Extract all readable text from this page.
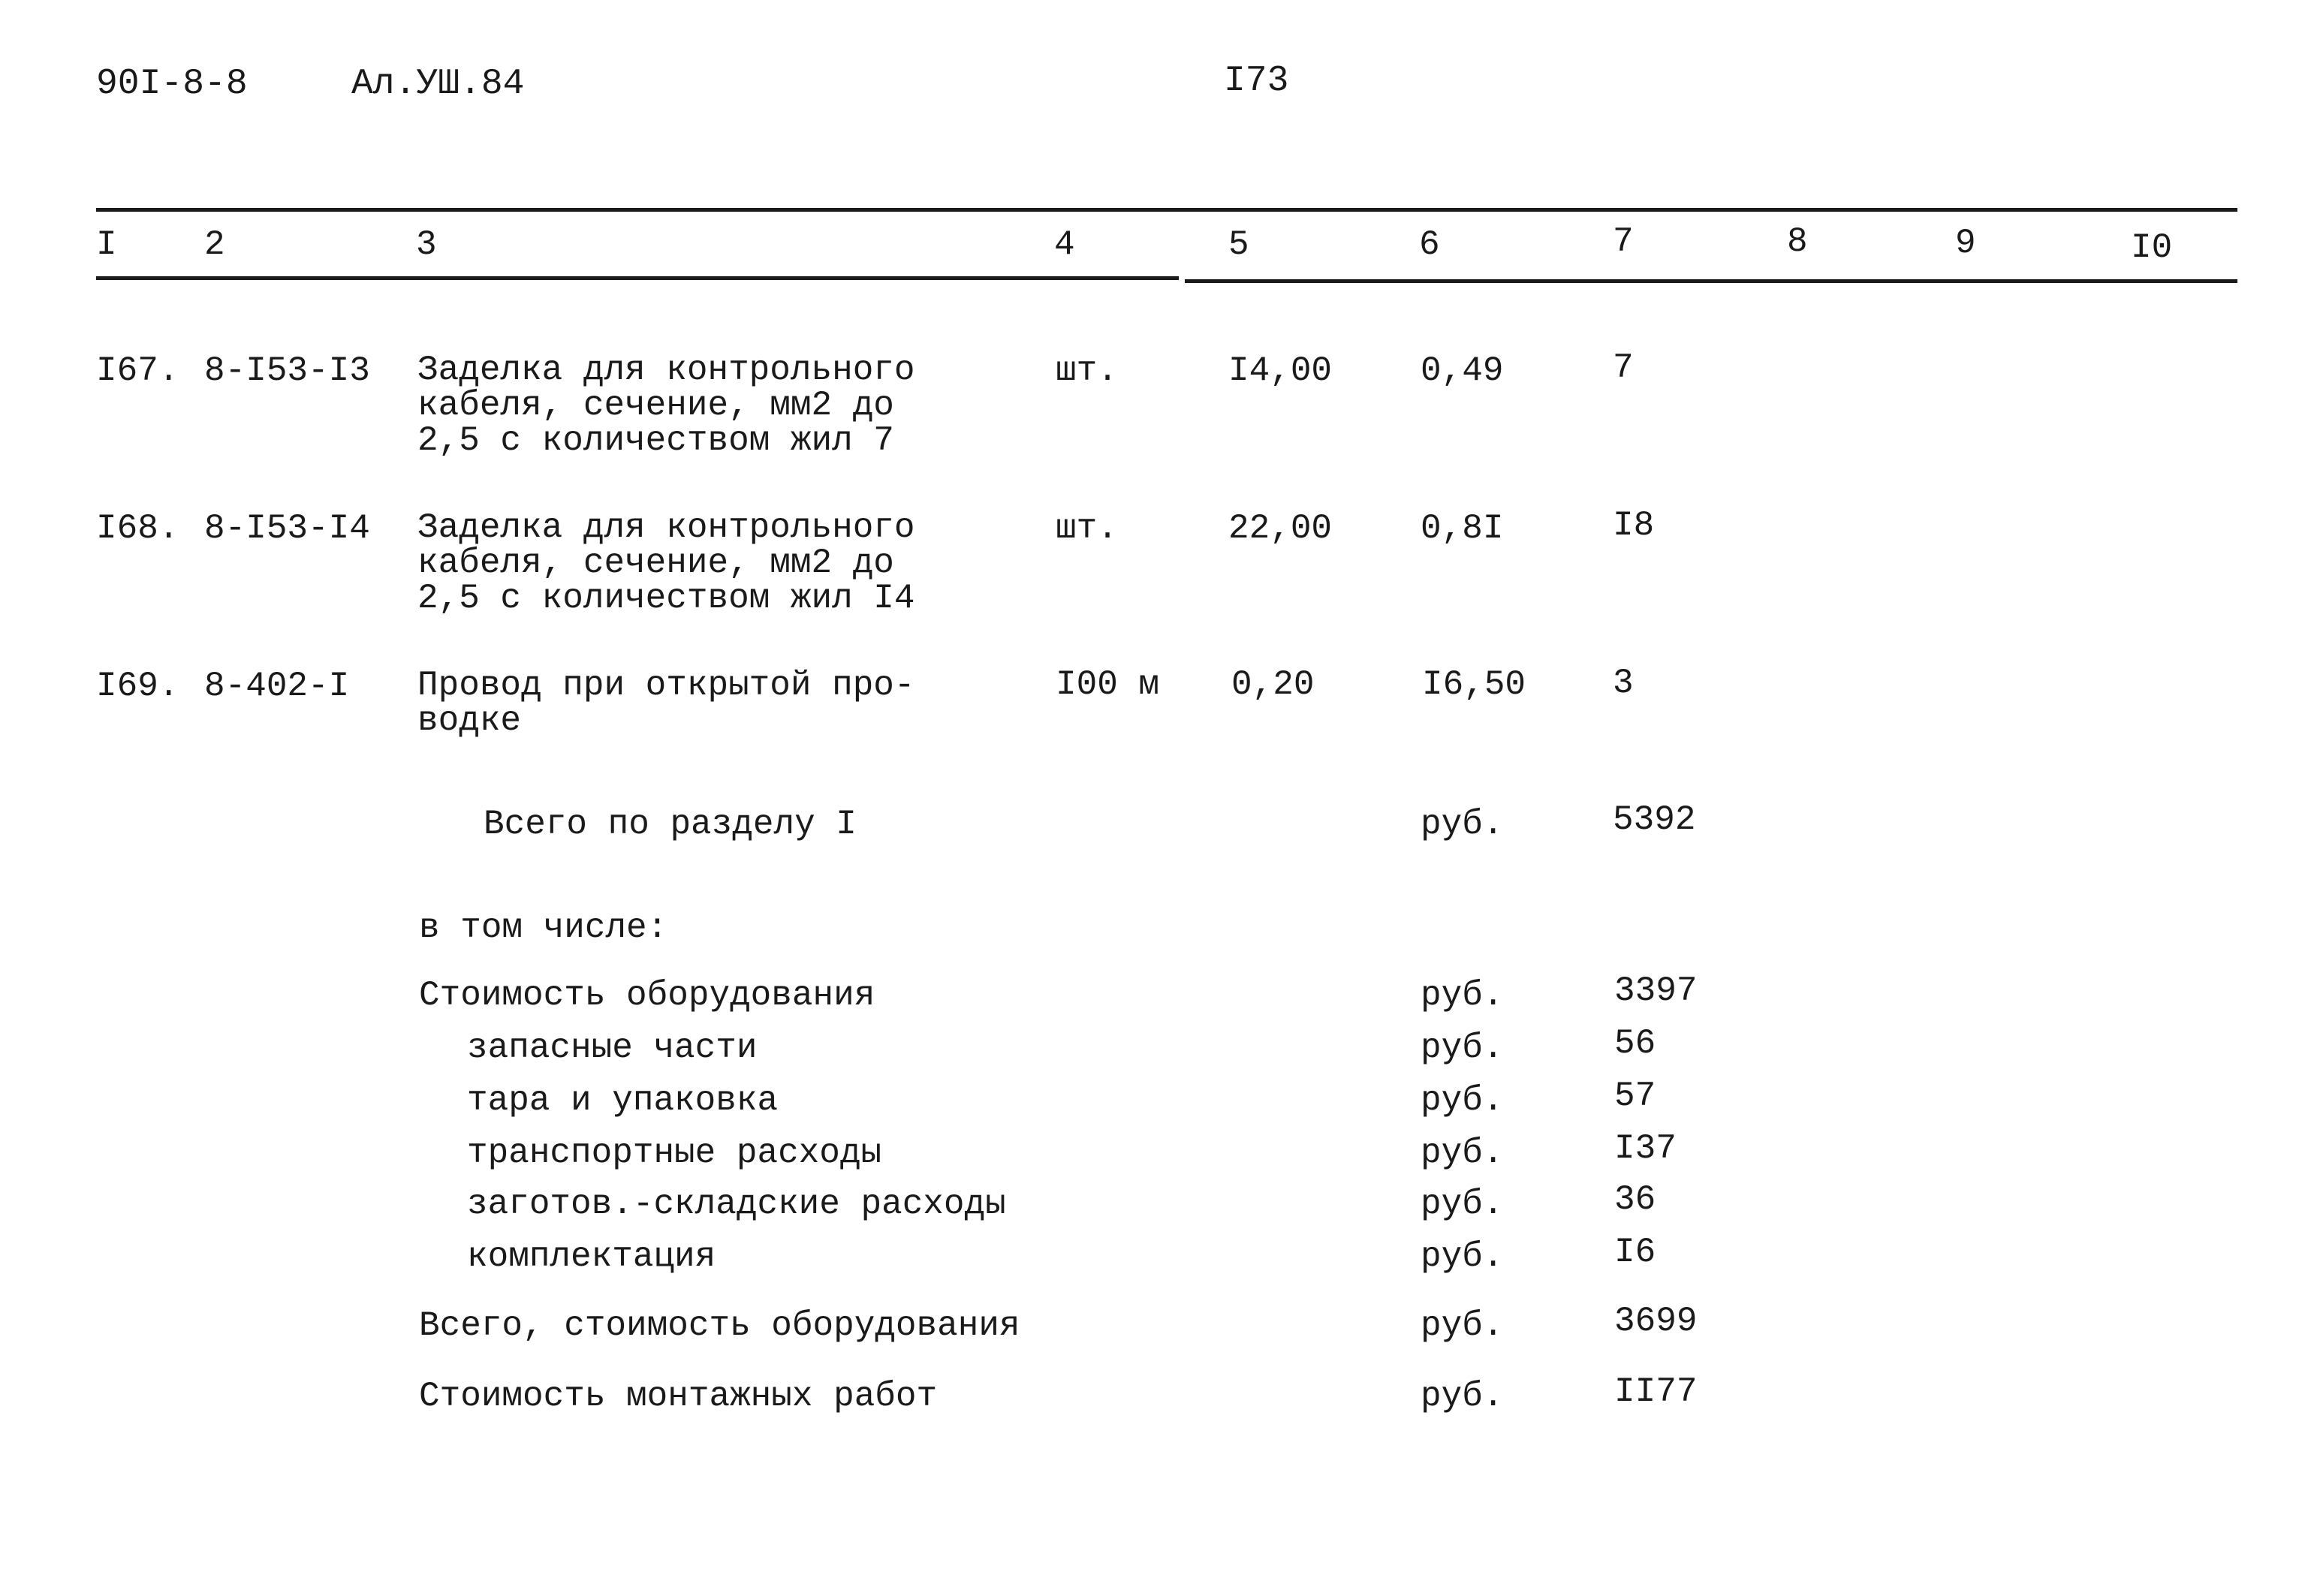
90I-8-8	Ал.УШ.84	I73
I	2	3	4	5	6	7	8	9	I0
I67. 8-I53-I3 Заделка для контрольного
кабеля, сечение, мм2 до
2,5 с количеством жил 7
шт.	I4,00	0,49	7
I68. 8-I53-I4 Заделка для контрольного
кабеля, сечение, мм2 до
2,5 с количеством жил I4
шт.	22,00	0,8I	I8
I69. 8-402-I Провод при открытой про-
водке
I00 м 0,20	I6,50	3
Всего по разделу I	руб.	5392
в том числе:
Стоимость оборудования	руб.	3397
запасные части	руб.	56
тара и упаковка	руб.	57
транспортные расходы	руб.	I37
заготов.-складские расходы	руб.	36
комплектация	руб.	I6
Всего, стоимость оборудования	руб.	3699
Стоимость монтажных работ	руб.	II77
